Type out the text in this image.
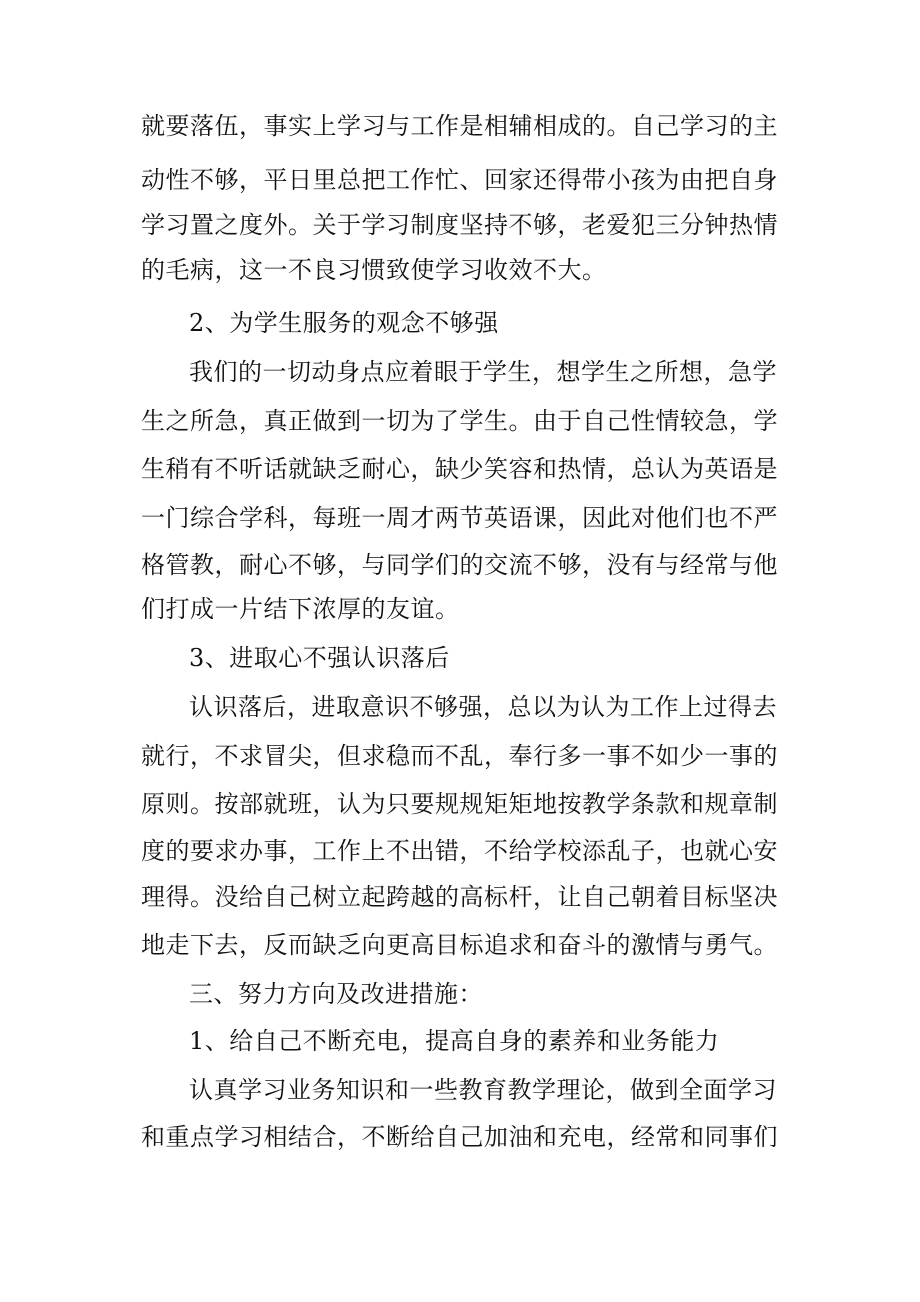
就要落伍，事实上学习与工作是相辅相成的。自己学习的主
动性不够，平日里总把工作忙、回家还得带小孩为由把自身
学习置之度外。关于学习制度坚持不够，老爱犯三分钟热情
的毛病，这一不良习惯致使学习收效不大。
2、为学生服务的观念不够强
我们的一切动身点应着眼于学生，想学生之所想，急学
生之所急，真正做到一切为了学生。由于自己性情较急，学
生稍有不听话就缺乏耐心，缺少笑容和热情，总认为英语是
一门综合学科，每班一周才两节英语课，因此对他们也不严
格管教，耐心不够，与同学们的交流不够，没有与经常与他
们打成一片结下浓厚的友谊。
3、进取心不强认识落后
认识落后，进取意识不够强，总以为认为工作上过得去
就行，不求冒尖，但求稳而不乱，奉行多一事不如少一事的
原则。按部就班，认为只要规规矩矩地按教学条款和规章制
度的要求办事，工作上不出错，不给学校添乱子，也就心安
理得。没给自己树立起跨越的高标杆，让自己朝着目标坚决
地走下去，反而缺乏向更高目标追求和奋斗的激情与勇气。
三、努力方向及改进措施：
1、给自己不断充电，提高自身的素养和业务能力
认真学习业务知识和一些教育教学理论，做到全面学习
和重点学习相结合，不断给自己加油和充电，经常和同事们
